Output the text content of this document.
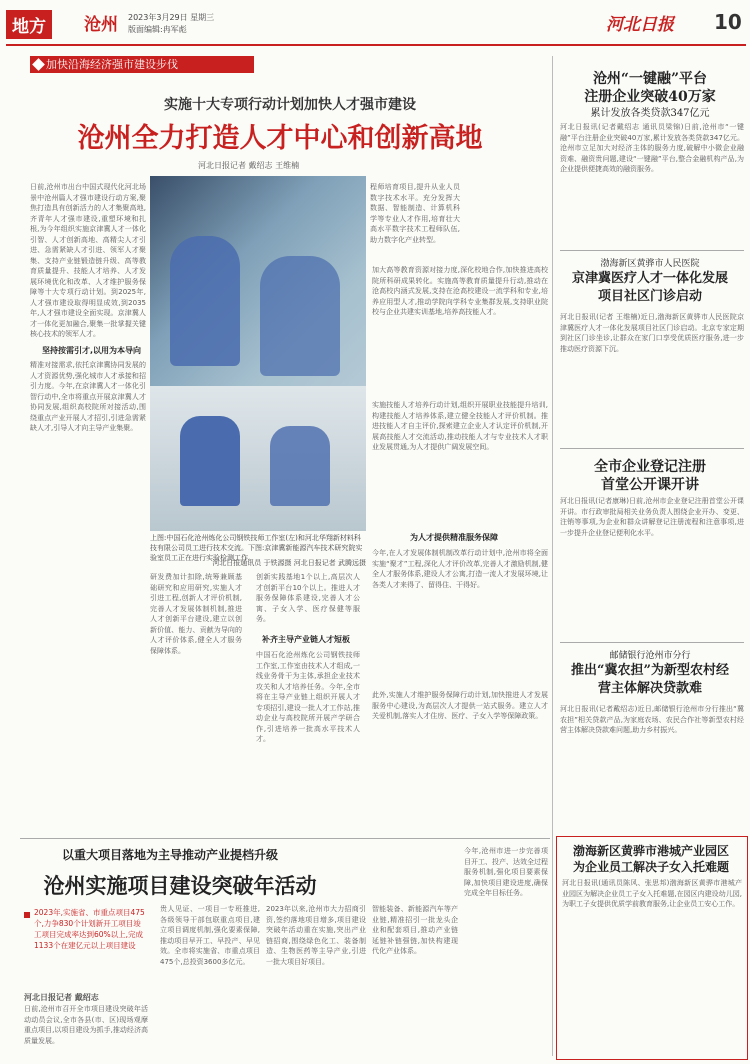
地方	沧州 2023年3月29日 星期三
版面编辑:冉军彪	河北日报 10
加快沿海经济强市建设步伐
实施十大专项行动计划加快人才强市建设
沧州全力打造人才中心和创新高地
河北日报记者 戴绍志 王维楠

日前,沧州市出台中国式现代化河北场景中沧州篇人才强市建设行动方案,聚焦打造具有创新活力的人才集聚高地,齐青年人才强市建设,重塑环境和扎根,为今年组织实施京津冀人才一体化引智、人才创新高地、高精尖人才引进、急需紧缺人才引进、领军人才聚集、支持产业链锻造链升级、高等教育质量提升、技能人才培养、人才发展环境优化和改革、人才维护服务保障等十大专项行动计划。到2025年,人才强市建设取得明显成效,到2035年,人才强市建设全面实现。京津冀人才一体化更加融合,聚集一批掌握关键核心技术的领军人才。

坚持按需引才,以用为本导向

精准对接需求,依托京津冀协同发展的人才资源优势,强化城市人才承接和招引力度。今年,在京津冀人才一体化引智行动中,全市将重点开展京津冀人才协同发展,组织高校院所对接活动,围绕重点产业开展人才招引,引进急需紧缺人才,引导人才向主导产业集聚。

上图:中国石化沧州炼化公司钢铁技师工作室(左)和河北华翔新材料科技有限公司员工进行技术交流。下图:京津冀新能源汽车技术研究院实验室员工正在进行实验检测工作。

河北日报通讯员 于铁源摄 河北日报记者 武腾远摄

程师培育项目,提升从业人员数字技术水平。充分发挥大数据、智能制造、计算机科学等专业人才作用,培育壮大高水平数字技术工程师队伍,助力数字化产业转型。

加大高等教育资源对接力度,深化校地合作,加快推进高校院所科研成果转化。实施高等教育质量提升行动,推动在沧高校内涵式发展,支持在沧高校建设一流学科和专业,培养应用型人才,推动学院向学科专业集群发展,支持职业院校与企业共建实训基地,培养高技能人才。

实施技能人才培养行动计划,组织开展职业技能提升培训,构建技能人才培养体系,建立健全技能人才评价机制。推进技能人才自主评价,探索建立企业人才认定评价机制,开展高技能人才交流活动,推动技能人才与专业技术人才职业发展贯通,为人才提供广阔发展空间。

研发费加计扣除,统筹兼顾基础研究和应用研究,实施人才引进工程,创新人才评价机制,完善人才发展体制机制,推进人才创新平台建设,建立以创新价值、能力、贡献为导向的人才评价体系,健全人才服务保障体系。

创新实践基地1个以上,高层次人才创新平台10个以上。推进人才服务保障体系建设,完善人才公寓、子女入学、医疗保健等服务。

补齐主导产业链人才短板

中国石化沧州炼化公司钢铁技师工作室,工作室由技术人才组成,一线业务骨干为主体,承担企业技术攻关和人才培养任务。今年,全市将在主导产业链上组织开展人才专项招引,建设一批人才工作站,推动企业与高校院所开展产学研合作,引进培养一批高水平技术人才。

为人才提供精准服务保障

今年,在人才发展体制机制改革行动计划中,沧州市将全面实施“聚才”工程,深化人才评价改革,完善人才激励机制,健全人才服务体系,建设人才公寓,打造一流人才发展环境,让各类人才来得了、留得住、干得好。

此外,实施人才维护服务保障行动计划,加快推进人才发展服务中心建设,为高层次人才提供一站式服务。建立人才关爱机制,落实人才住房、医疗、子女入学等保障政策。

以重大项目落地为主导推动产业提档升级
沧州实施项目建设突破年活动

2023年,实施省、市重点项目475个,力争830个计划新开工项目竣工项目完成率达到60%以上,完成1133个在建亿元以上项目建设

河北日报记者 戴绍志

日前,沧州市召开全市项目建设突破年活动动员会议,全市各县(市、区)现场观摩重点项目,以项目建设为抓手,推动经济高质量发展。

贵人见证、一项目一专班推进,各级领导干部包联重点项目,建立项目调度机制,强化要素保障,推动项目早开工、早投产、早见效。全市将实施省、市重点项目475个,总投资3600多亿元。

2023年以来,沧州市大力招商引资,签约落地项目增多,项目建设突破年活动重在实施,突出产业链招商,围绕绿色化工、装备制造、生物医药等主导产业,引进一批大项目好项目。

智能装备、新能源汽车等产业链,精准招引一批龙头企业和配套项目,推动产业链延链补链强链,加快构建现代化产业体系。

今年,沧州市进一步完善项目开工、投产、达效全过程服务机制,强化项目要素保障,加快项目建设进度,确保完成全年目标任务。

沧州“一键融”平台
注册企业突破40万家
累计发放各类贷款347亿元

河北日报讯(记者戴绍志 通讯员梁锦)日前,沧州市“一键融”平台注册企业突破40万家,累计发放各类贷款347亿元。沧州市立足加大对经济主体的服务力度,破解中小微企业融资难、融资贵问题,建设“一键融”平台,整合金融机构产品,为企业提供便捷高效的融资服务。

渤海新区黄骅市人民医院
京津冀医疗人才一体化发展项目社区门诊启动

河北日报讯(记者 王维楠)近日,渤海新区黄骅市人民医院京津冀医疗人才一体化发展项目社区门诊启动。北京专家定期到社区门诊坐诊,让群众在家门口享受优质医疗服务,进一步推动医疗资源下沉。

全市企业登记注册
首堂公开课开讲

河北日报讯(记者康琳)日前,沧州市企业登记注册首堂公开课开讲。市行政审批局相关业务负责人围绕企业开办、变更、注销等事项,为企业和群众讲解登记注册流程和注意事项,进一步提升企业登记便利化水平。

邮储银行沧州市分行
推出“冀农担”为新型农村经营主体解决贷款难

河北日报讯(记者戴绍志)近日,邮储银行沧州市分行推出“冀农担”相关贷款产品,为家庭农场、农民合作社等新型农村经营主体解决贷款难问题,助力乡村振兴。

渤海新区黄骅市港城产业园区
为企业员工解决子女入托难题

河北日报讯(通讯员陈风、张思邦)渤海新区黄骅市港城产业园区为解决企业员工子女入托难题,在园区内建设幼儿园,为职工子女提供优质学前教育服务,让企业员工安心工作。
